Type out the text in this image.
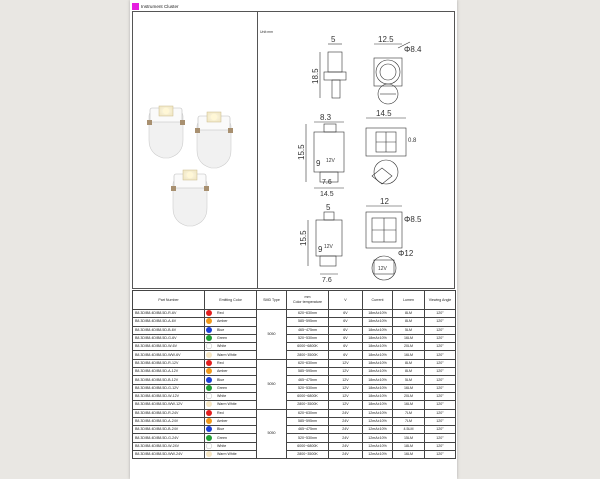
Instrument Cluster
Unit:mm
5	12.5
18.5
Φ8.4
8.3	14.5
15.5
9 12V
7.6
14.5
0.8
5
12
Φ8.5
15.5
9 12V
7.6
Φ12
12V
Part Number	Emitting Color	SMD Type	mm
Color temperature	V	Current	Lumen	Viewing Angle
B8.3D/B8.4D/B8.5D-R-6V	Red	5050	620~630nm	6V	18mA±10%	8LM	120°
B8.3D/B8.4D/B8.5D-A-6V	Amber		585~595nm	6V	18mA±10%	8LM	120°
B8.3D/B8.4D/B8.5D-B-6V	Blue		465~475nm	6V	18mA±10%	5LM	120°
B8.3D/B8.4D/B8.5D-G-6V	Green		520~530nm	6V	18mA±10%	16LM	120°
B8.3D/B8.4D/B8.5D-W-6V	White		6000~6800K	6V	18mA±10%	20LM	120°
B8.3D/B8.4D/B8.5D-WW-6V	Warm White		2800~3500K	6V	18mA±10%	16LM	120°
B8.3D/B8.4D/B8.5D-R-12V	Red	5050	620~630nm	12V	18mA±10%	8LM	120°
B8.3D/B8.4D/B8.5D-A-12V	Amber		585~595nm	12V	18mA±10%	8LM	120°
B8.3D/B8.4D/B8.5D-B-12V	Blue		465~475nm	12V	18mA±10%	5LM	120°
B8.3D/B8.4D/B8.5D-G-12V	Green		520~530nm	12V	18mA±10%	16LM	120°
B8.3D/B8.4D/B8.5D-W-12V	White		6000~6800K	12V	18mA±10%	20LM	120°
B8.3D/B8.4D/B8.5D-WW-12V	Warm White		2800~3500K	12V	18mA±10%	16LM	120°
B8.3D/B8.4D/B8.5D-R-24V	Red	5050	620~630nm	24V	12mA±10%	7LM	120°
B8.3D/B8.4D/B8.5D-A-24V	Amber		585~595nm	24V	12mA±10%	7LM	120°
B8.3D/B8.4D/B8.5D-B-24V	Blue		465~475nm	24V	12mA±10%	4.5LM	120°
B8.3D/B8.4D/B8.5D-G-24V	Green		520~530nm	24V	12mA±10%	15LM	120°
B8.3D/B8.4D/B8.5D-W-24V	White		6000~6800K	24V	12mA±10%	18LM	120°
B8.3D/B8.4D/B8.5D-WW-24V	Warm White		2800~3500K	24V	12mA±10%	16LM	120°
